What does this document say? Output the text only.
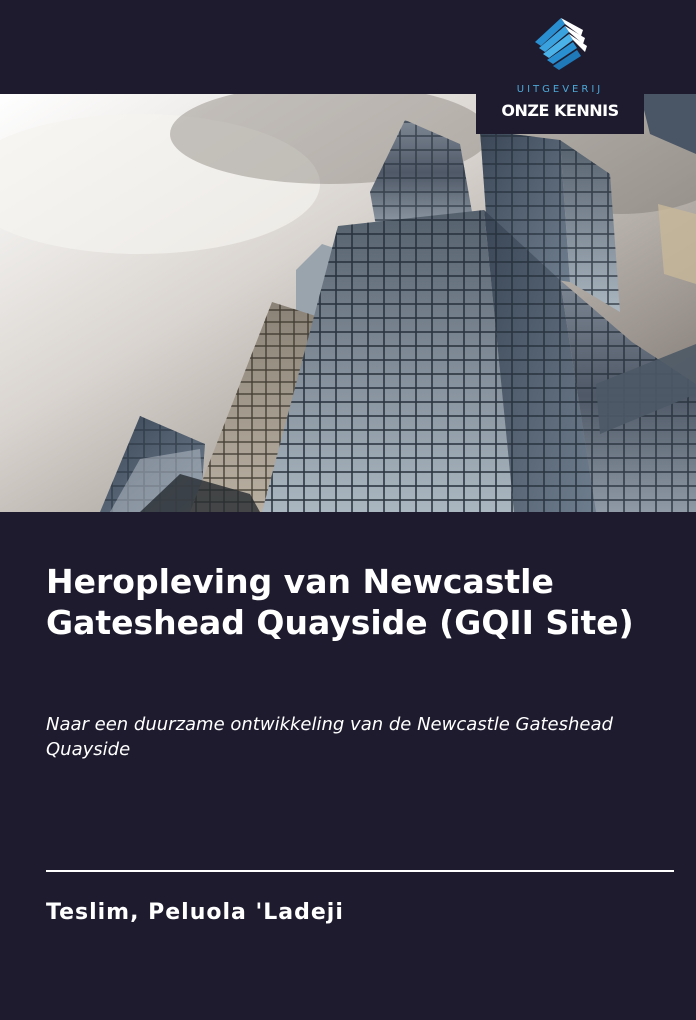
UITGEVERIJ
ONZE KENNIS
Heropleving van Newcastle Gateshead Quayside (GQII Site)

Naar een duurzame ontwikkeling van de Newcastle Gateshead Quayside

Teslim, Peluola 'Ladeji
